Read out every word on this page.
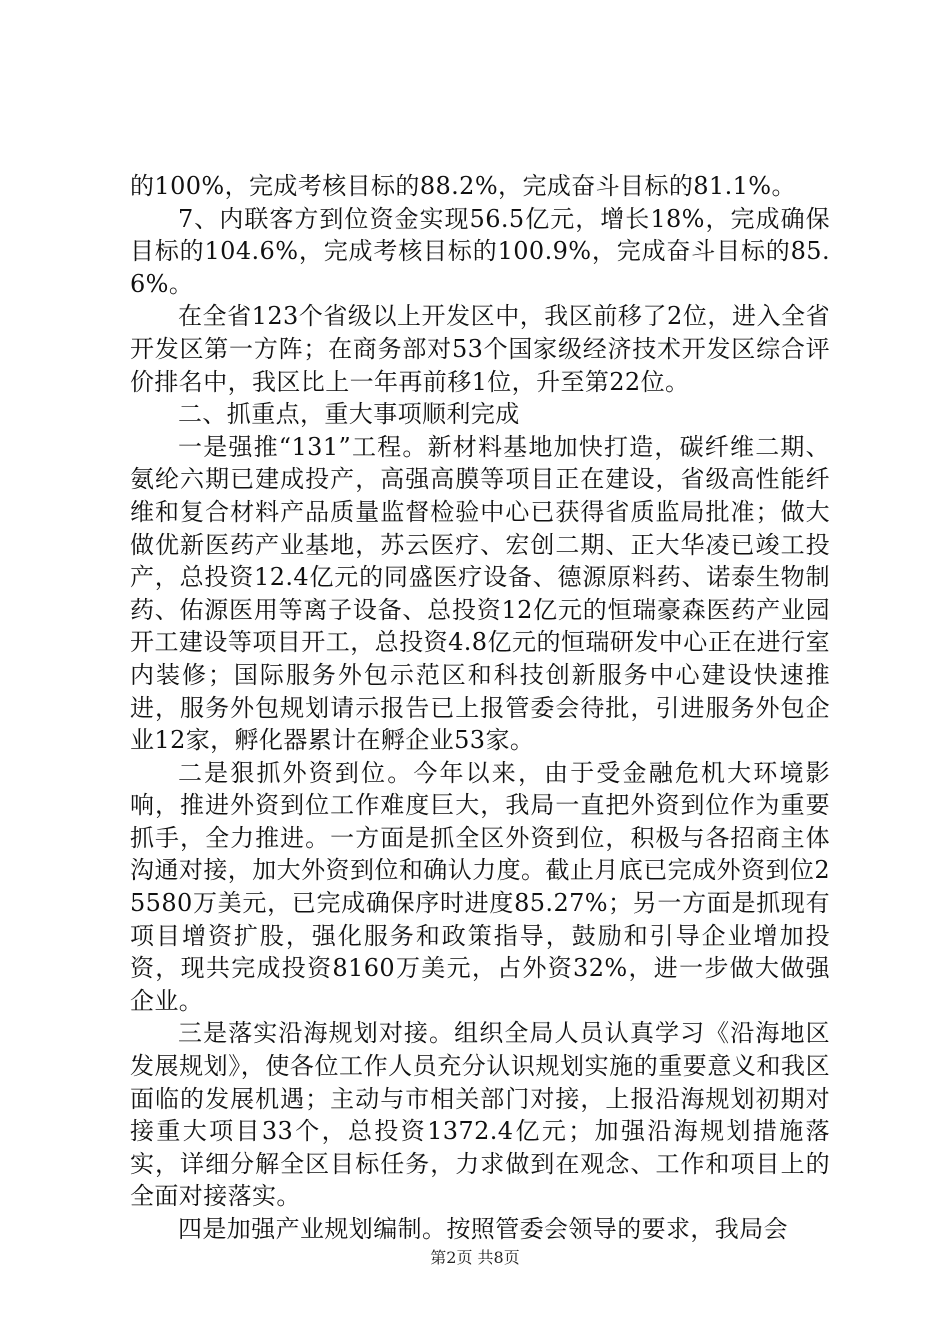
的100%，完成考核目标的88.2%，完成奋斗目标的81.1%。

7、内联客方到位资金实现56.5亿元，增长18%，完成确保目标的104.6%，完成考核目标的100.9%，完成奋斗目标的85.6%。

在全省123个省级以上开发区中，我区前移了2位，进入全省开发区第一方阵；在商务部对53个国家级经济技术开发区综合评价排名中，我区比上一年再前移1位，升至第22位。

二、抓重点，重大事项顺利完成

一是强推“131”工程。新材料基地加快打造，碳纤维二期、氨纶六期已建成投产，高强高膜等项目正在建设，省级高性能纤维和复合材料产品质量监督检验中心已获得省质监局批准；做大做优新医药产业基地，苏云医疗、宏创二期、正大华凌已竣工投产，总投资12.4亿元的同盛医疗设备、德源原料药、诺泰生物制药、佑源医用等离子设备、总投资12亿元的恒瑞豪森医药产业园开工建设等项目开工，总投资4.8亿元的恒瑞研发中心正在进行室内装修；国际服务外包示范区和科技创新服务中心建设快速推进，服务外包规划请示报告已上报管委会待批，引进服务外包企业12家，孵化器累计在孵企业53家。

二是狠抓外资到位。今年以来，由于受金融危机大环境影响，推进外资到位工作难度巨大，我局一直把外资到位作为重要抓手，全力推进。一方面是抓全区外资到位，积极与各招商主体沟通对接，加大外资到位和确认力度。截止月底已完成外资到位25580万美元，已完成确保序时进度85.27%；另一方面是抓现有项目增资扩股，强化服务和政策指导，鼓励和引导企业增加投资，现共完成投资8160万美元，占外资32%，进一步做大做强企业。

三是落实沿海规划对接。组织全局人员认真学习《沿海地区发展规划》，使各位工作人员充分认识规划实施的重要意义和我区面临的发展机遇；主动与市相关部门对接，上报沿海规划初期对接重大项目33个，总投资1372.4亿元；加强沿海规划措施落实，详细分解全区目标任务，力求做到在观念、工作和项目上的全面对接落实。

四是加强产业规划编制。按照管委会领导的要求，我局会

第2页 共8页
